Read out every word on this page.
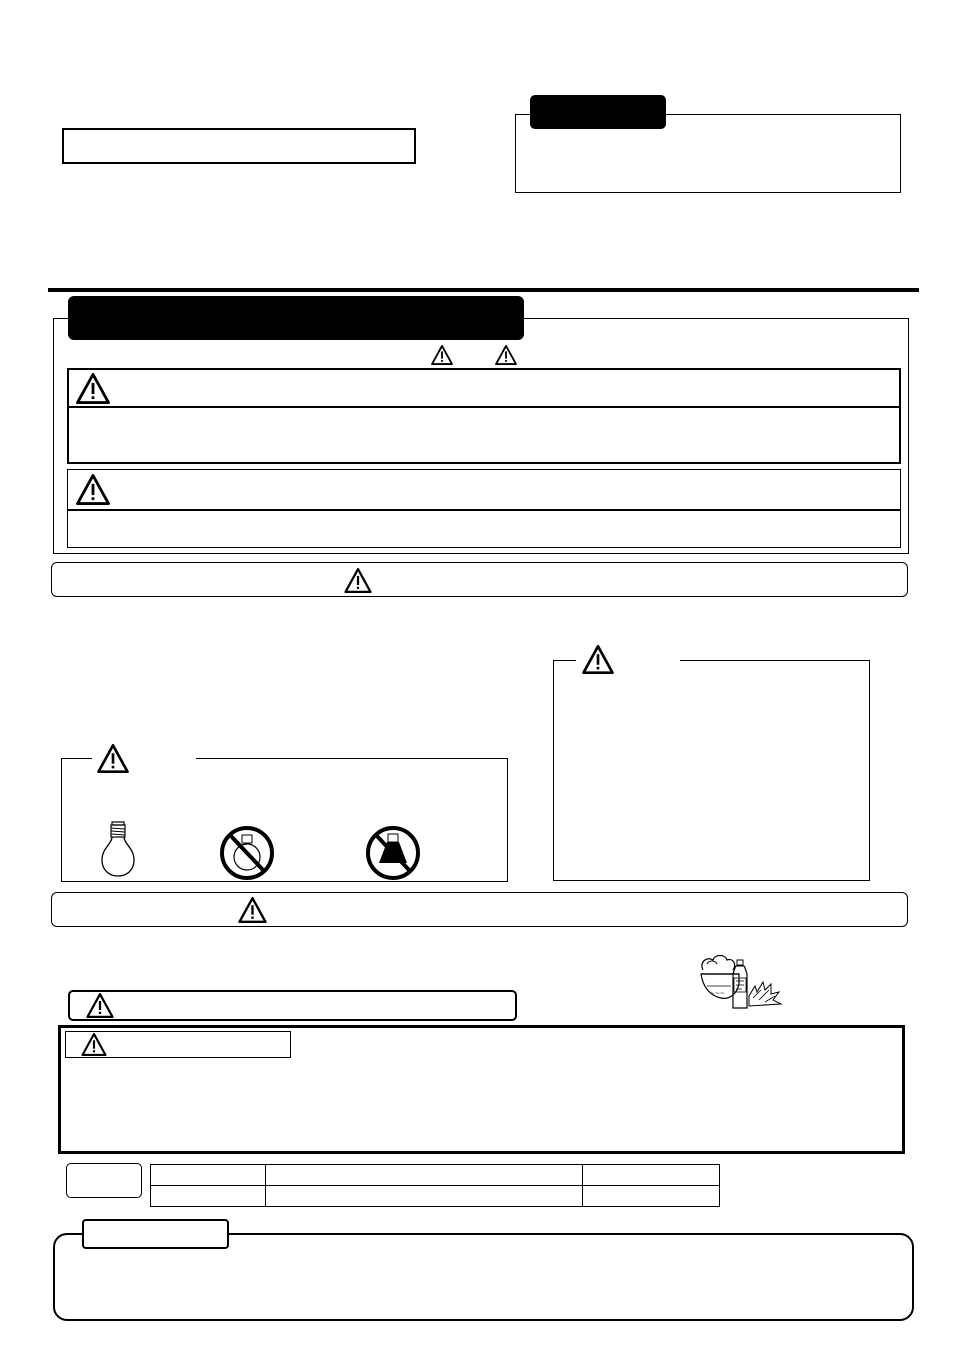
~~~
